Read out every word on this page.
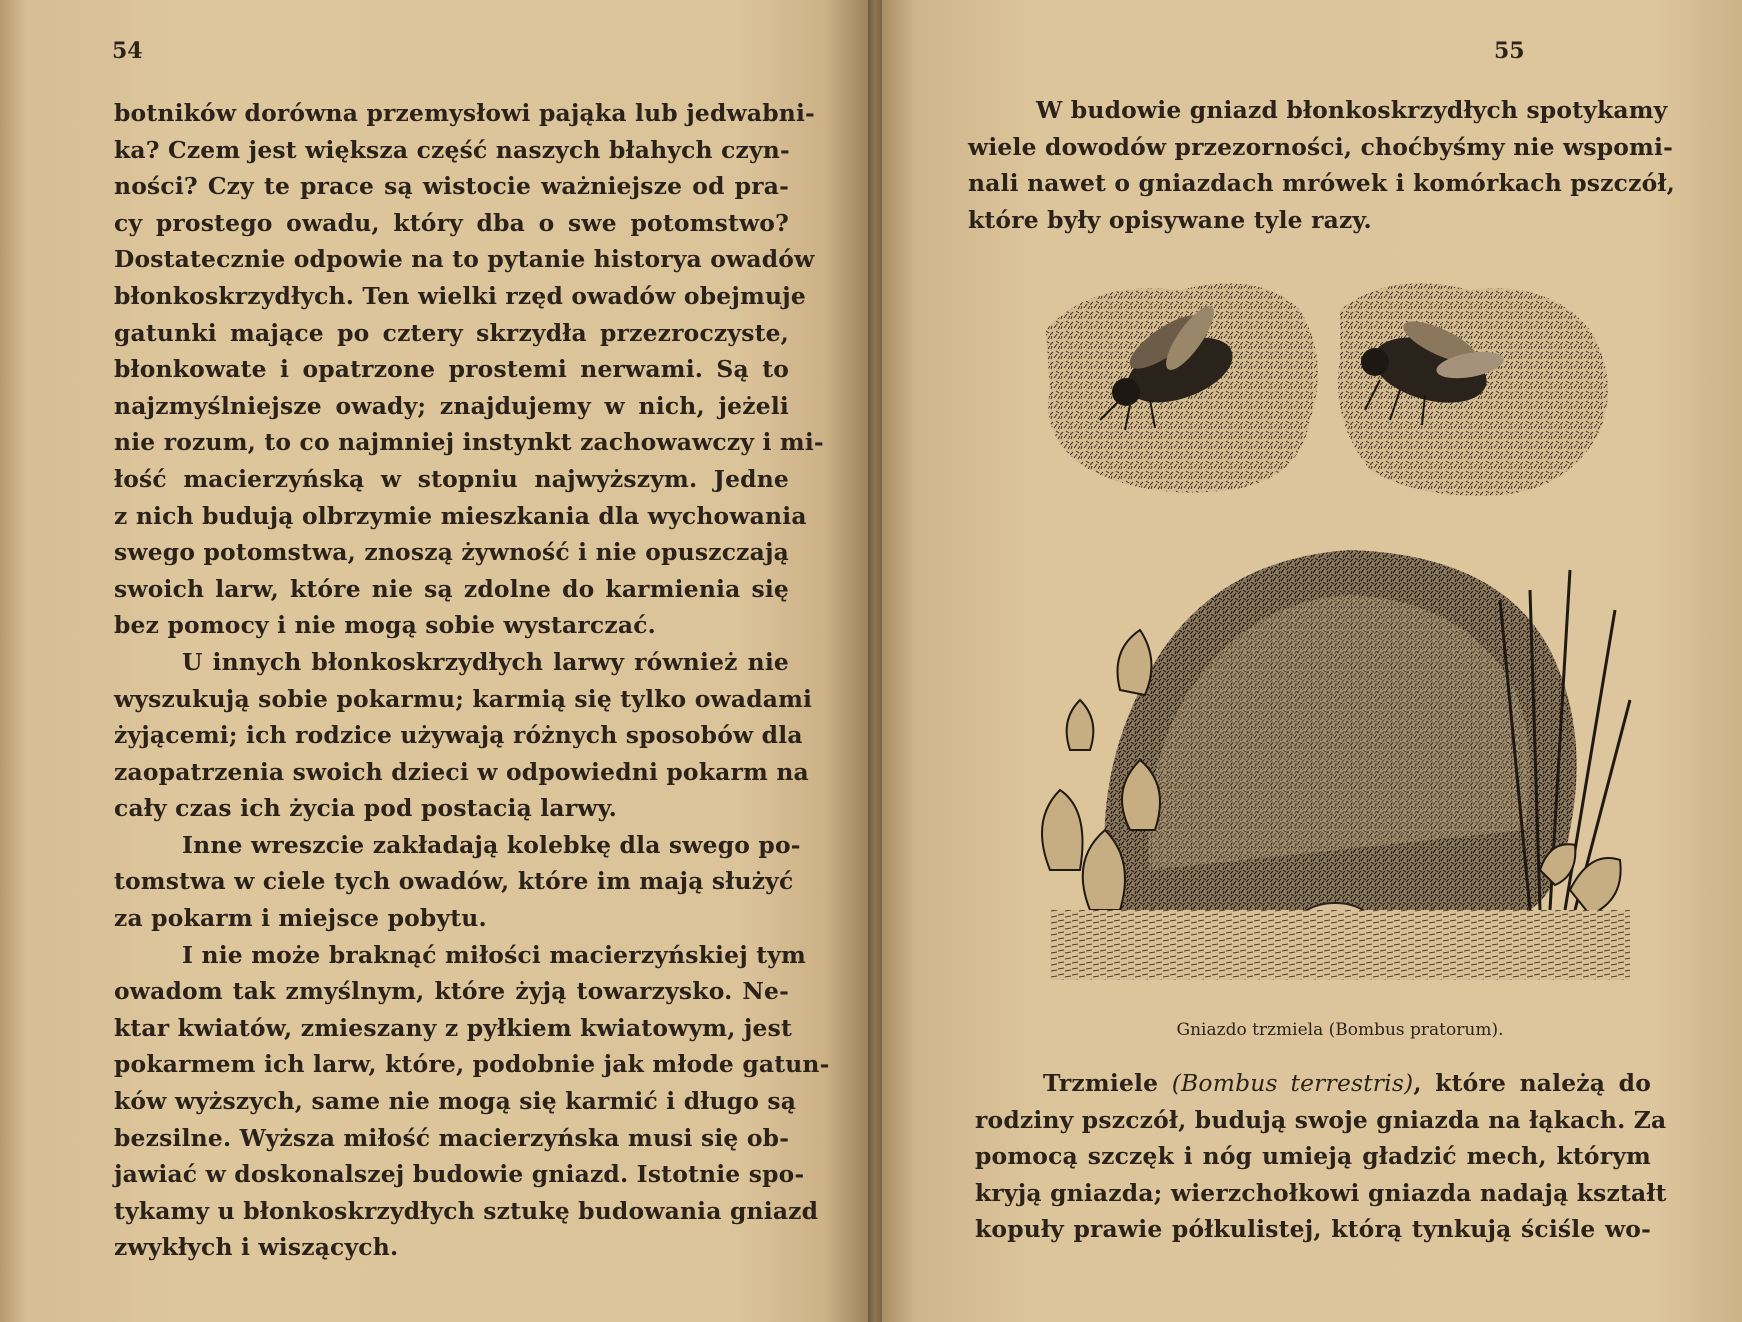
54
botników dorówna przemysłowi pająka lub jedwabni-
ka? Czem jest większa część naszych błahych czyn-
ności? Czy te prace są wistocie ważniejsze od pra-
cy prostego owadu, który dba o swe potomstwo?
Dostatecznie odpowie na to pytanie historya owadów
błonkoskrzydłych. Ten wielki rzęd owadów obejmuje
gatunki mające po cztery skrzydła przezroczyste,
błonkowate i opatrzone prostemi nerwami. Są to
najzmyślniejsze owady; znajdujemy w nich, jeżeli
nie rozum, to co najmniej instynkt zachowawczy i mi-
łość macierzyńską w stopniu najwyższym. Jedne
z nich budują olbrzymie mieszkania dla wychowania
swego potomstwa, znoszą żywność i nie opuszczają
swoich larw, które nie są zdolne do karmienia się
bez pomocy i nie mogą sobie wystarczać.
U innych błonkoskrzydłych larwy również nie
wyszukują sobie pokarmu; karmią się tylko owadami
żyjącemi; ich rodzice używają różnych sposobów dla
zaopatrzenia swoich dzieci w odpowiedni pokarm na
cały czas ich życia pod postacią larwy.
Inne wreszcie zakładają kolebkę dla swego po-
tomstwa w ciele tych owadów, które im mają służyć
za pokarm i miejsce pobytu.
I nie może braknąć miłości macierzyńskiej tym
owadom tak zmyślnym, które żyją towarzysko. Ne-
ktar kwiatów, zmieszany z pyłkiem kwiatowym, jest
pokarmem ich larw, które, podobnie jak młode gatun-
ków wyższych, same nie mogą się karmić i długo są
bezsilne. Wyższa miłość macierzyńska musi się ob-
jawiać w doskonalszej budowie gniazd. Istotnie spo-
tykamy u błonkoskrzydłych sztukę budowania gniazd
zwykłych i wiszących.
55
W budowie gniazd błonkoskrzydłych spotykamy
wiele dowodów przezorności, choćbyśmy nie wspomi-
nali nawet o gniazdach mrówek i komórkach pszczół,
które były opisywane tyle razy.
Gniazdo trzmiela (Bombus pratorum).
Trzmiele (Bombus terrestris), które należą do
rodziny pszczół, budują swoje gniazda na łąkach. Za
pomocą szczęk i nóg umieją gładzić mech, którym
kryją gniazda; wierzchołkowi gniazda nadają kształt
kopuły prawie półkulistej, którą tynkują ściśle wo-
